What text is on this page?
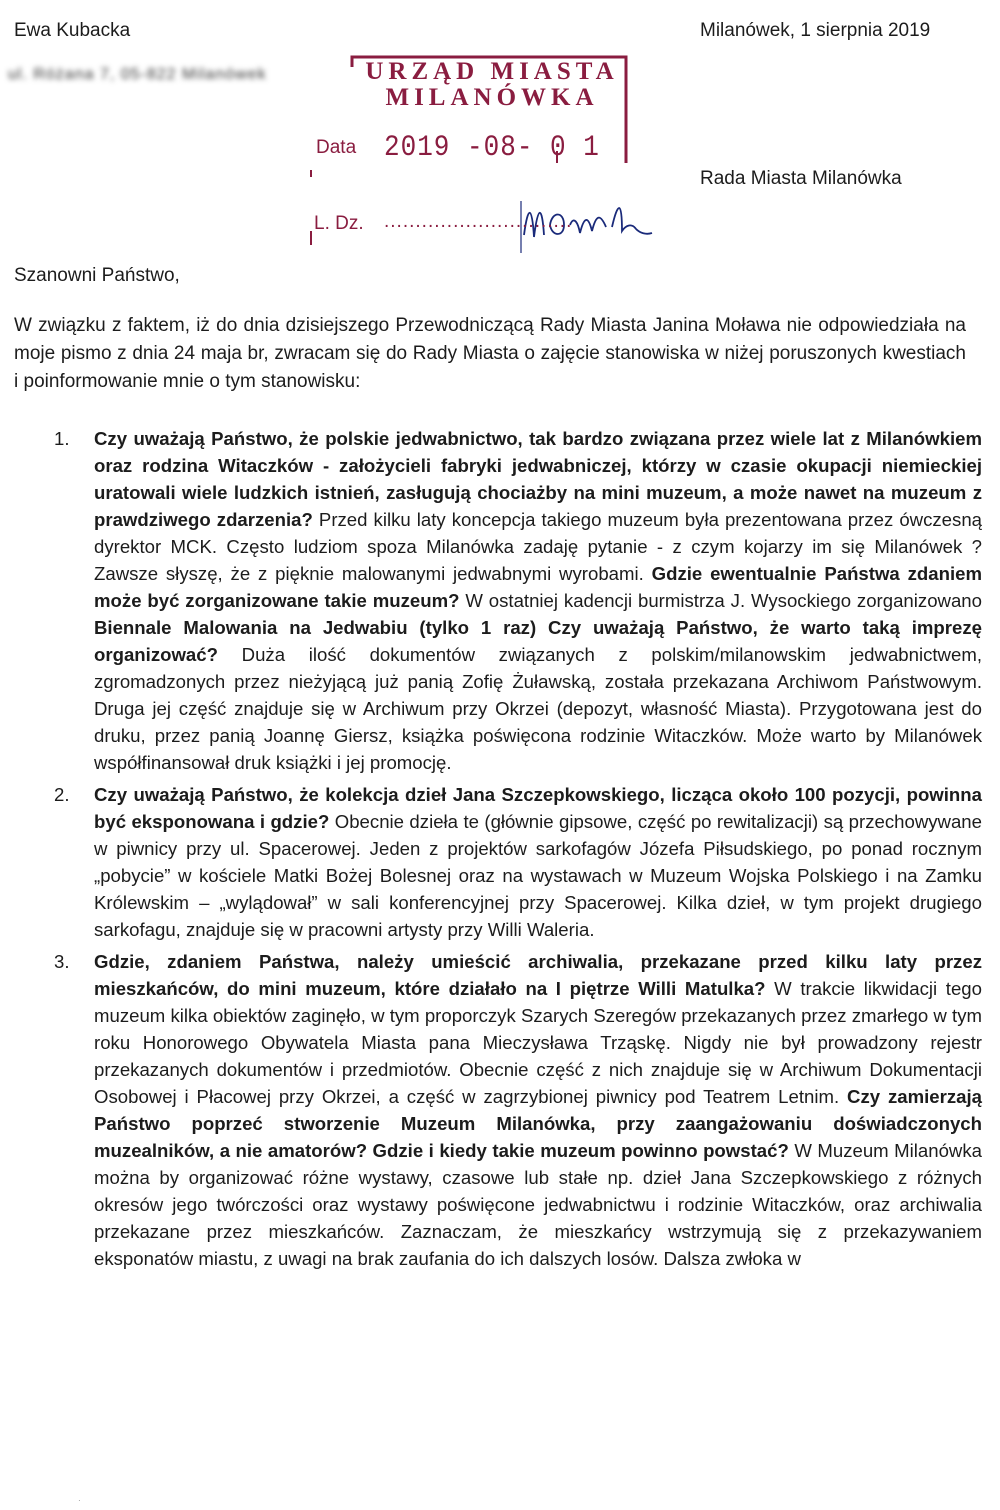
Ewa Kubacka	Milanówek, 1 sierpnia 2019
ul. Różana 7, 05-822 Milanówek	URZĄD MIASTA
MILANÓWKA
Data 2019 -08- 0 1
L. Dz. ..............................
Rada Miasta Milanówka
Szanowni Państwo,
W związku z faktem, iż do dnia dzisiejszego Przewodniczącą Rady Miasta Janina Moława nie odpowiedziała na moje pismo z dnia 24 maja br, zwracam się do Rady Miasta o zajęcie stanowiska w niżej poruszonych kwestiach i poinformowanie mnie o tym stanowisku:
1. Czy uważają Państwo, że polskie jedwabnictwo, tak bardzo związana przez wiele lat z Milanówkiem oraz rodzina Witaczków - założycieli fabryki jedwabniczej, którzy w czasie okupacji niemieckiej uratowali wiele ludzkich istnień, zasługują chociażby na mini muzeum, a może nawet na muzeum z prawdziwego zdarzenia? Przed kilku laty koncepcja takiego muzeum była prezentowana przez ówczesną dyrektor MCK. Często ludziom spoza Milanówka zadaję pytanie - z czym kojarzy im się Milanówek ? Zawsze słyszę, że z pięknie malowanymi jedwabnymi wyrobami. Gdzie ewentualnie Państwa zdaniem może być zorganizowane takie muzeum? W ostatniej kadencji burmistrza J. Wysockiego zorganizowano Biennale Malowania na Jedwabiu (tylko 1 raz) Czy uważają Państwo, że warto taką imprezę organizować? Duża ilość dokumentów związanych z polskim/milanowskim jedwabnictwem, zgromadzonych przez nieżyjącą już panią Zofię Żuławską, została przekazana Archiwom Państwowym. Druga jej część znajduje się w Archiwum przy Okrzei (depozyt, własność Miasta). Przygotowana jest do druku, przez panią Joannę Giersz, książka poświęcona rodzinie Witaczków. Może warto by Milanówek współfinansował druk książki i jej promocję.
2. Czy uważają Państwo, że kolekcja dzieł Jana Szczepkowskiego, licząca około 100 pozycji, powinna być eksponowana i gdzie? Obecnie dzieła te (głównie gipsowe, część po rewitalizacji) są przechowywane w piwnicy przy ul. Spacerowej. Jeden z projektów sarkofagów Józefa Piłsudskiego, po ponad rocznym „pobycie” w kościele Matki Bożej Bolesnej oraz na wystawach w Muzeum Wojska Polskiego i na Zamku Królewskim – „wylądował” w sali konferencyjnej przy Spacerowej. Kilka dzieł, w tym projekt drugiego sarkofagu, znajduje się w pracowni artysty przy Willi Waleria.
3. Gdzie, zdaniem Państwa, należy umieścić archiwalia, przekazane przed kilku laty przez mieszkańców, do mini muzeum, które działało na I piętrze Willi Matulka? W trakcie likwidacji tego muzeum kilka obiektów zaginęło, w tym proporczyk Szarych Szeregów przekazanych przez zmarłego w tym roku Honorowego Obywatela Miasta pana Mieczysława Trząskę. Nigdy nie był prowadzony rejestr przekazanych dokumentów i przedmiotów. Obecnie część z nich znajduje się w Archiwum Dokumentacji Osobowej i Płacowej przy Okrzei, a część w zagrzybionej piwnicy pod Teatrem Letnim. Czy zamierzają Państwo poprzeć stworzenie Muzeum Milanówka, przy zaangażowaniu doświadczonych muzealników, a nie amatorów? Gdzie i kiedy takie muzeum powinno powstać? W Muzeum Milanówka można by organizować różne wystawy, czasowe lub stałe np. dzieł Jana Szczepkowskiego z różnych okresów jego twórczości oraz wystawy poświęcone jedwabnictwu i rodzinie Witaczków, oraz archiwalia przekazane przez mieszkańców. Zaznaczam, że mieszkańcy wstrzymują się z przekazywaniem eksponatów miastu, z uwagi na brak zaufania do ich dalszych losów. Dalsza zwłoka w
·
